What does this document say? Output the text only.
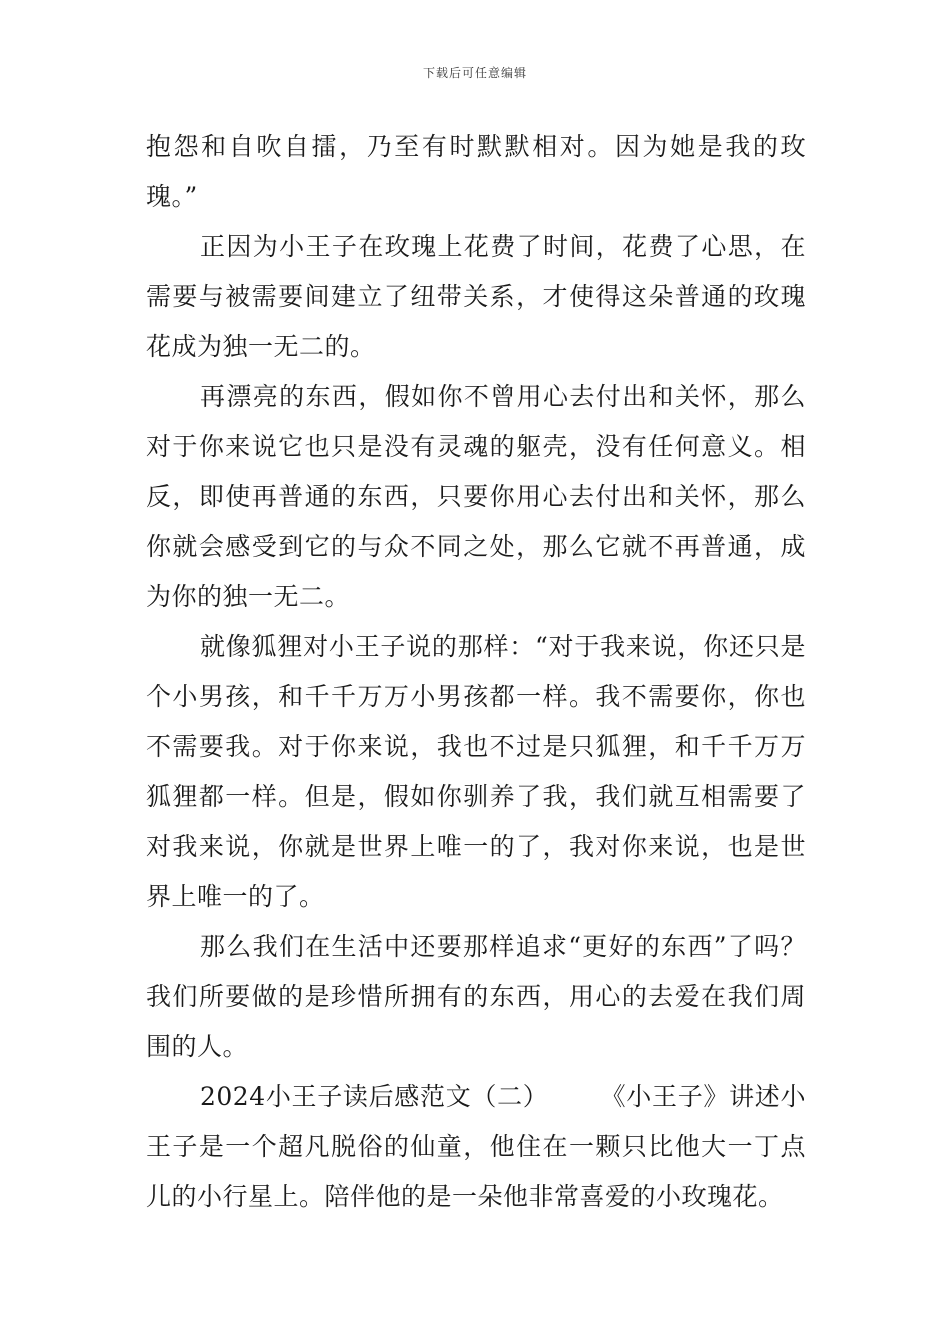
下载后可任意编辑

抱怨和自吹自擂，乃至有时默默相对。因为她是我的玫瑰。”

正因为小王子在玫瑰上花费了时间，花费了心思，在需要与被需要间建立了纽带关系，才使得这朵普通的玫瑰花成为独一无二的。

再漂亮的东西，假如你不曾用心去付出和关怀，那么对于你来说它也只是没有灵魂的躯壳，没有任何意义。相反，即使再普通的东西，只要你用心去付出和关怀，那么你就会感受到它的与众不同之处，那么它就不再普通，成为你的独一无二。

就像狐狸对小王子说的那样：“对于我来说，你还只是个小男孩，和千千万万小男孩都一样。我不需要你，你也不需要我。对于你来说，我也不过是只狐狸，和千千万万狐狸都一样。但是，假如你驯养了我，我们就互相需要了对我来说，你就是世界上唯一的了，我对你来说，也是世界上唯一的了。

那么我们在生活中还要那样追求“更好的东西”了吗？我们所要做的是珍惜所拥有的东西，用心的去爱在我们周围的人。

2024小王子读后感范文（二）　　　《小王子》讲述小王子是一个超凡脱俗的仙童，他住在一颗只比他大一丁点儿的小行星上。陪伴他的是一朵他非常喜爱的小玫瑰花。
